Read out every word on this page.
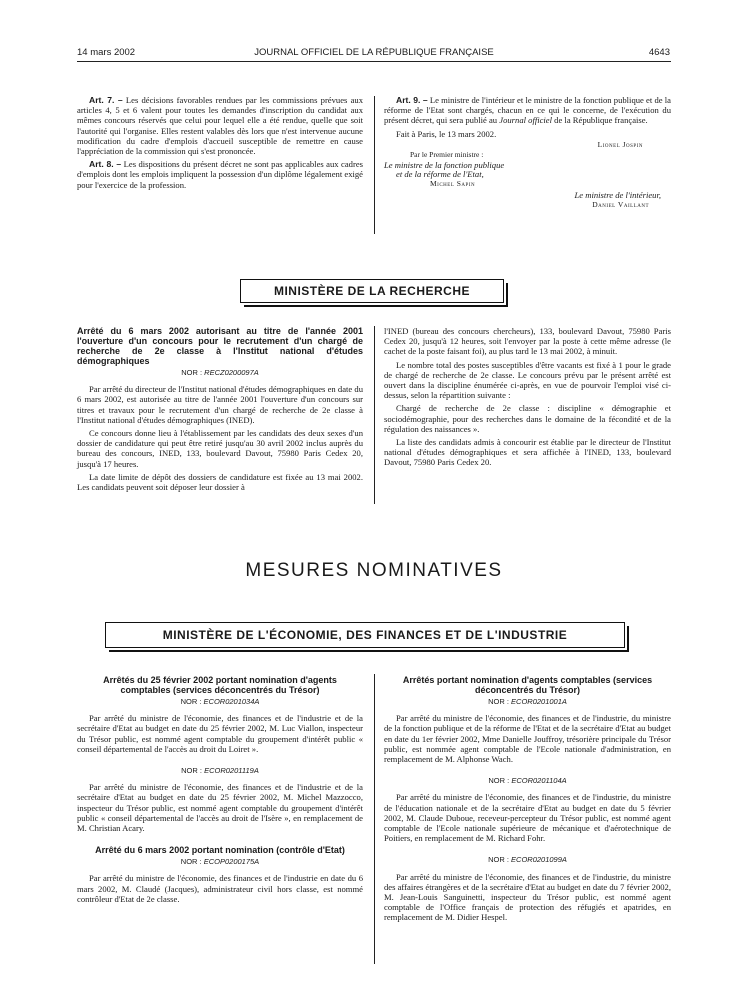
14 mars 2002	JOURNAL OFFICIEL DE LA RÉPUBLIQUE FRANÇAISE	4643

Art. 7. – Les décisions favorables rendues par les commissions prévues aux articles 4, 5 et 6 valent pour toutes les demandes d'inscription du candidat aux mêmes concours réservés que celui pour lequel elle a été rendue, quelle que soit l'autorité qui l'organise. Elles restent valables dès lors que n'est intervenue aucune modification du cadre d'emplois d'accueil susceptible de remettre en cause l'appréciation de la commission qui s'est prononcée.

Art. 8. – Les dispositions du présent décret ne sont pas applicables aux cadres d'emplois dont les emplois impliquent la possession d'un diplôme légalement exigé pour l'exercice de la profession.

Art. 9. – Le ministre de l'intérieur et le ministre de la fonction publique et de la réforme de l'Etat sont chargés, chacun en ce qui le concerne, de l'exécution du présent décret, qui sera publié au Journal officiel de la République française.

Fait à Paris, le 13 mars 2002.

Lionel Jospin
Par le Premier ministre :
Le ministre de la fonction publique
et de la réforme de l'Etat,
Michel Sapin
Le ministre de l'intérieur,
Daniel Vaillant
MINISTÈRE DE LA RECHERCHE
Arrêté du 6 mars 2002 autorisant au titre de l'année 2001 l'ouverture d'un concours pour le recrutement d'un chargé de recherche de 2e classe à l'Institut national d'études démographiques
NOR : RECZ0200097A

Par arrêté du directeur de l'Institut national d'études démographiques en date du 6 mars 2002, est autorisée au titre de l'année 2001 l'ouverture d'un concours sur titres et travaux pour le recrutement d'un chargé de recherche de 2e classe à l'Institut national d'études démographiques (INED).

Ce concours donne lieu à l'établissement par les candidats des deux sexes d'un dossier de candidature qui peut être retiré jusqu'au 30 avril 2002 inclus auprès du bureau des concours, INED, 133, boulevard Davout, 75980 Paris Cedex 20, jusqu'à 17 heures.

La date limite de dépôt des dossiers de candidature est fixée au 13 mai 2002. Les candidats peuvent soit déposer leur dossier à

l'INED (bureau des concours chercheurs), 133, boulevard Davout, 75980 Paris Cedex 20, jusqu'à 12 heures, soit l'envoyer par la poste à cette même adresse (le cachet de la poste faisant foi), au plus tard le 13 mai 2002, à minuit.

Le nombre total des postes susceptibles d'être vacants est fixé à 1 pour le grade de chargé de recherche de 2e classe. Le concours prévu par le présent arrêté est ouvert dans la discipline énumérée ci-après, en vue de pourvoir l'emploi visé ci-dessus, selon la répartition suivante :

Chargé de recherche de 2e classe : discipline « démographie et sociodémographie, pour des recherches dans le domaine de la fécondité et de la régulation des naissances ».

La liste des candidats admis à concourir est établie par le directeur de l'Institut national d'études démographiques et sera affichée à l'INED, 133, boulevard Davout, 75980 Paris Cedex 20.

MESURES NOMINATIVES
MINISTÈRE DE L'ÉCONOMIE, DES FINANCES ET DE L'INDUSTRIE
Arrêtés du 25 février 2002 portant nomination d'agents comptables (services déconcentrés du Trésor)
NOR : ECOR0201034A

Par arrêté du ministre de l'économie, des finances et de l'industrie et de la secrétaire d'Etat au budget en date du 25 février 2002, M. Luc Viallon, inspecteur du Trésor public, est nommé agent comptable du groupement d'intérêt public « conseil départemental de l'accès au droit du Loiret ».

NOR : ECOR0201119A

Par arrêté du ministre de l'économie, des finances et de l'industrie et de la secrétaire d'Etat au budget en date du 25 février 2002, M. Michel Mazzocco, inspecteur du Trésor public, est nommé agent comptable du groupement d'intérêt public « conseil départemental de l'accès au droit de l'Isère », en remplacement de M. Christian Acary.

Arrêté du 6 mars 2002 portant nomination (contrôle d'Etat)
NOR : ECOP0200175A

Par arrêté du ministre de l'économie, des finances et de l'industrie en date du 6 mars 2002, M. Claudé (Jacques), administrateur civil hors classe, est nommé contrôleur d'Etat de 2e classe.

Arrêtés portant nomination d'agents comptables (services déconcentrés du Trésor)
NOR : ECOR0201001A

Par arrêté du ministre de l'économie, des finances et de l'industrie, du ministre de la fonction publique et de la réforme de l'Etat et de la secrétaire d'Etat au budget en date du 1er février 2002, Mme Danielle Jouffroy, trésorière principale du Trésor public, est nommée agent comptable de l'Ecole nationale d'administration, en remplacement de M. Alphonse Wach.

NOR : ECOR0201104A

Par arrêté du ministre de l'économie, des finances et de l'industrie, du ministre de l'éducation nationale et de la secrétaire d'Etat au budget en date du 5 février 2002, M. Claude Duboue, receveur-percepteur du Trésor public, est nommé agent comptable de l'Ecole nationale supérieure de mécanique et d'aérotechnique de Poitiers, en remplacement de M. Richard Fohr.

NOR : ECOR0201099A

Par arrêté du ministre de l'économie, des finances et de l'industrie, du ministre des affaires étrangères et de la secrétaire d'Etat au budget en date du 7 février 2002, M. Jean-Louis Sanguinetti, inspecteur du Trésor public, est nommé agent comptable de l'Office français de protection des réfugiés et apatrides, en remplacement de M. Didier Hespel.
